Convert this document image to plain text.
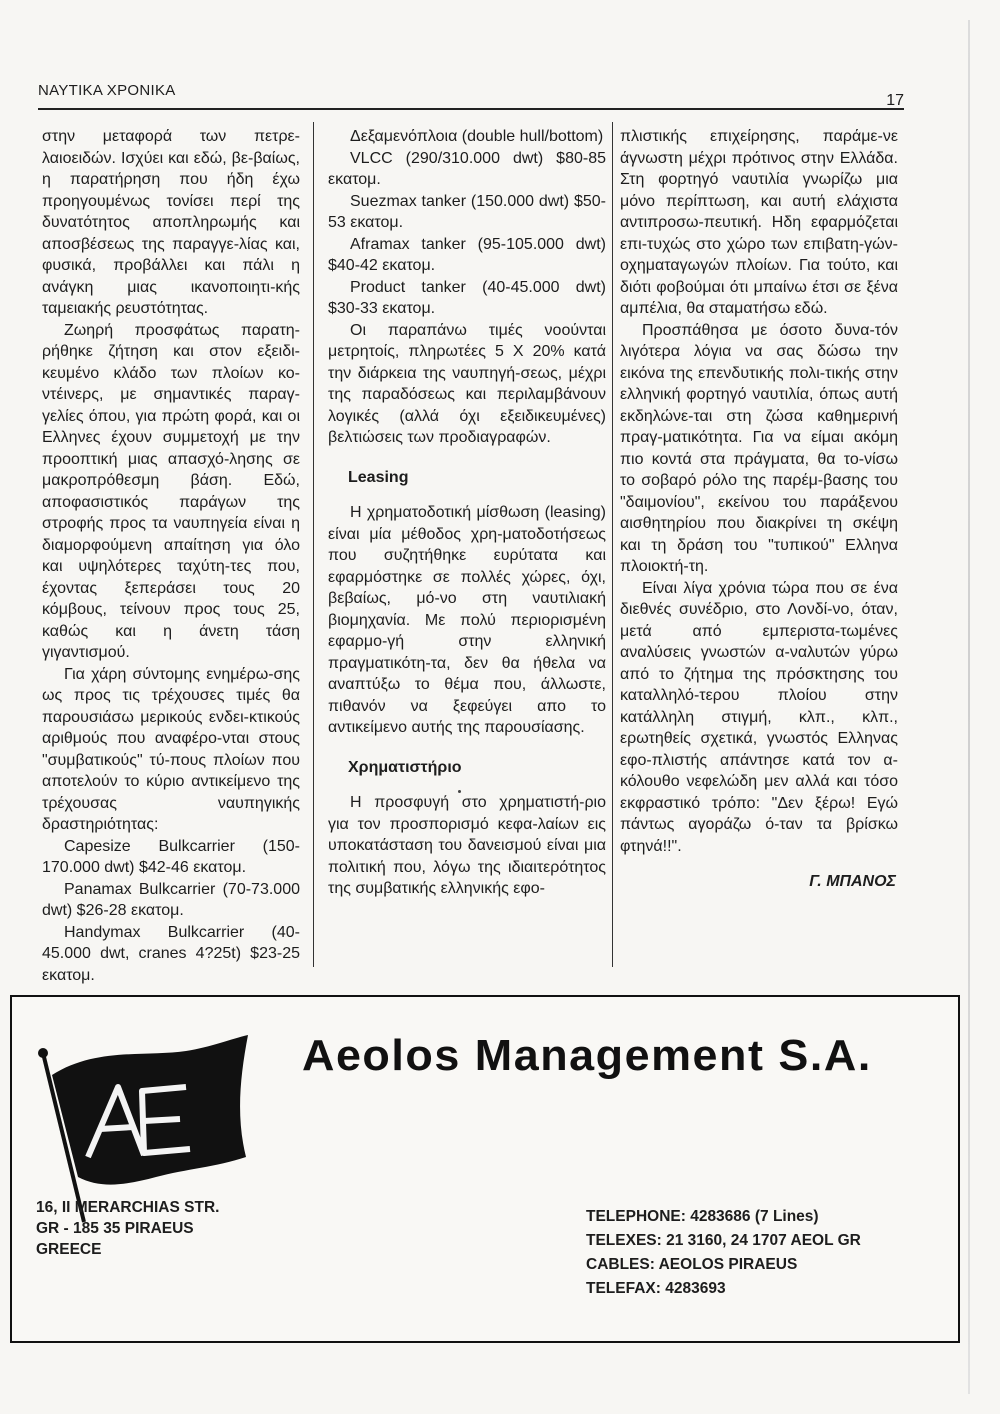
ΝΑΥΤΙΚΑ ΧΡΟΝΙΚΑ
17

στην μεταφορά των πετρε-λαιοειδών. Ισχύει και εδώ, βε-βαίως, η παρατήρηση που ήδη έχω προηγουμένως τονίσει περί της δυνατότητος αποπληρωμής και αποσβέσεως της παραγγε-λίας και, φυσικά, προβάλλει και πάλι η ανάγκη μιας ικανοποιητι-κής ταμειακής ρευστότητας.

Ζωηρή προσφάτως παρατη-ρήθηκε ζήτηση και στον εξειδι-κευμένο κλάδο των πλοίων κο-ντέινερς, με σημαντικές παραγ-γελίες όπου, για πρώτη φορά, και οι Ελληνες έχουν συμμετοχή με την προοπτική μιας απασχό-λησης σε μακροπρόθεσμη βάση. Εδώ, αποφασιστικός παράγων της στροφής προς τα ναυπηγεία είναι η διαμορφούμενη απαίτηση για όλο και υψηλότερες ταχύτη-τες που, έχοντας ξεπεράσει τους 20 κόμβους, τείνουν προς τους 25, καθώς και η άνετη τάση γιγαντισμού.

Για χάρη σύντομης ενημέρω-σης ως προς τις τρέχουσες τιμές θα παρουσιάσω μερικούς ενδει-κτικούς αριθμούς που αναφέρο-νται στους "συμβατικούς" τύ-πους πλοίων που αποτελούν το κύριο αντικείμενο της τρέχουσας ναυπηγικής δραστηριότητας:

Capesize Bulkcarrier (150-170.000 dwt) $42-46 εκατομ.

Panamax Bulkcarrier (70-73.000 dwt) $26-28 εκατομ.

Handymax Bulkcarrier (40-45.000 dwt, cranes 4?25t) $23-25 εκατομ.

Δεξαμενόπλοια (double hull/bottom)

VLCC (290/310.000 dwt) $80-85 εκατομ.

Suezmax tanker (150.000 dwt) $50-53 εκατομ.

Aframax tanker (95-105.000 dwt) $40-42 εκατομ.

Product tanker (40-45.000 dwt) $30-33 εκατομ.

Οι παραπάνω τιμές νοούνται μετρητοίς, πληρωτέες 5 Χ 20% κατά την διάρκεια της ναυπηγή-σεως, μέχρι της παραδόσεως και περιλαμβάνουν λογικές (αλλά όχι εξειδικευμένες) βελτιώσεις των προδιαγραφών.

Leasing

Η χρηματοδοτική μίσθωση (leasing) είναι μία μέθοδος χρη-ματοδοτήσεως που συζητήθηκε ευρύτατα και εφαρμόστηκε σε πολλές χώρες, όχι, βεβαίως, μό-νο στη ναυτιλιακή βιομηχανία. Με πολύ περιορισμένη εφαρμο-γή στην ελληνική πραγματικότη-τα, δεν θα ήθελα να αναπτύξω το θέμα που, άλλωστε, πιθανόν να ξεφεύγει απο το αντικείμενο αυτής της παρουσίασης.

Χρηματιστήριο

Η προσφυγή στο χρηματιστή-ριο για τον προσπορισμό κεφα-λαίων εις υποκατάσταση του δανεισμού είναι μια πολιτική που, λόγω της ιδιαιτερότητος της συμβατικής ελληνικής εφο-

πλιστικής επιχείρησης, παράμε-νε άγνωστη μέχρι πρότινος στην Ελλάδα. Στη φορτηγό ναυτιλία γνωρίζω μια μόνο περίπτωση, και αυτή ελάχιστα αντιπροσω-πευτική. Ηδη εφαρμόζεται επι-τυχώς στο χώρο των επιβατη-γών-οχηματαγωγών πλοίων. Για τούτο, και διότι φοβούμαι ότι μπαίνω έτσι σε ξένα αμπέλια, θα σταματήσω εδώ.

Προσπάθησα με όσοτο δυνα-τόν λιγότερα λόγια να σας δώσω την εικόνα της επενδυτικής πολι-τικής στην ελληνική φορτηγό ναυτιλία, όπως αυτή εκδηλώνε-ται στη ζώσα καθημερινή πραγ-ματικότητα. Για να είμαι ακόμη πιο κοντά στα πράγματα, θα το-νίσω το σοβαρό ρόλο της παρέμ-βασης του "δαιμονίου", εκείνου του παράξενου αισθητηρίου που διακρίνει τη σκέψη και τη δράση του "τυπικού" Ελληνα πλοιοκτή-τη.

Είναι λίγα χρόνια τώρα που σε ένα διεθνές συνέδριο, στο Λονδί-νο, όταν, μετά από εμπεριστα-τωμένες αναλύσεις γνωστών α-ναλυτών γύρω από το ζήτημα της πρόσκτησης του καταλληλό-τερου πλοίου στην κατάλληλη στιγμή, κλπ., κλπ., ερωτηθείς σχετικά, γνωστός Ελληνας εφο-πλιστής απάντησε κατά τον α-κόλουθο νεφελώδη μεν αλλά και τόσο εκφραστικό τρόπο: "Δεν ξέρω! Εγώ πάντως αγοράζω ό-ταν τα βρίσκω φτηνά!!".

Γ. ΜΠΑΝΟΣ
Aeolos Management S.A.
16, II MERARCHIAS STR.
GR - 185 35 PIRAEUS
GREECE
TELEPHONE: 4283686 (7 Lines)
TELEXES: 21 3160, 24 1707 AEOL GR
CABLES: AEOLOS PIRAEUS
TELEFAX: 4283693
